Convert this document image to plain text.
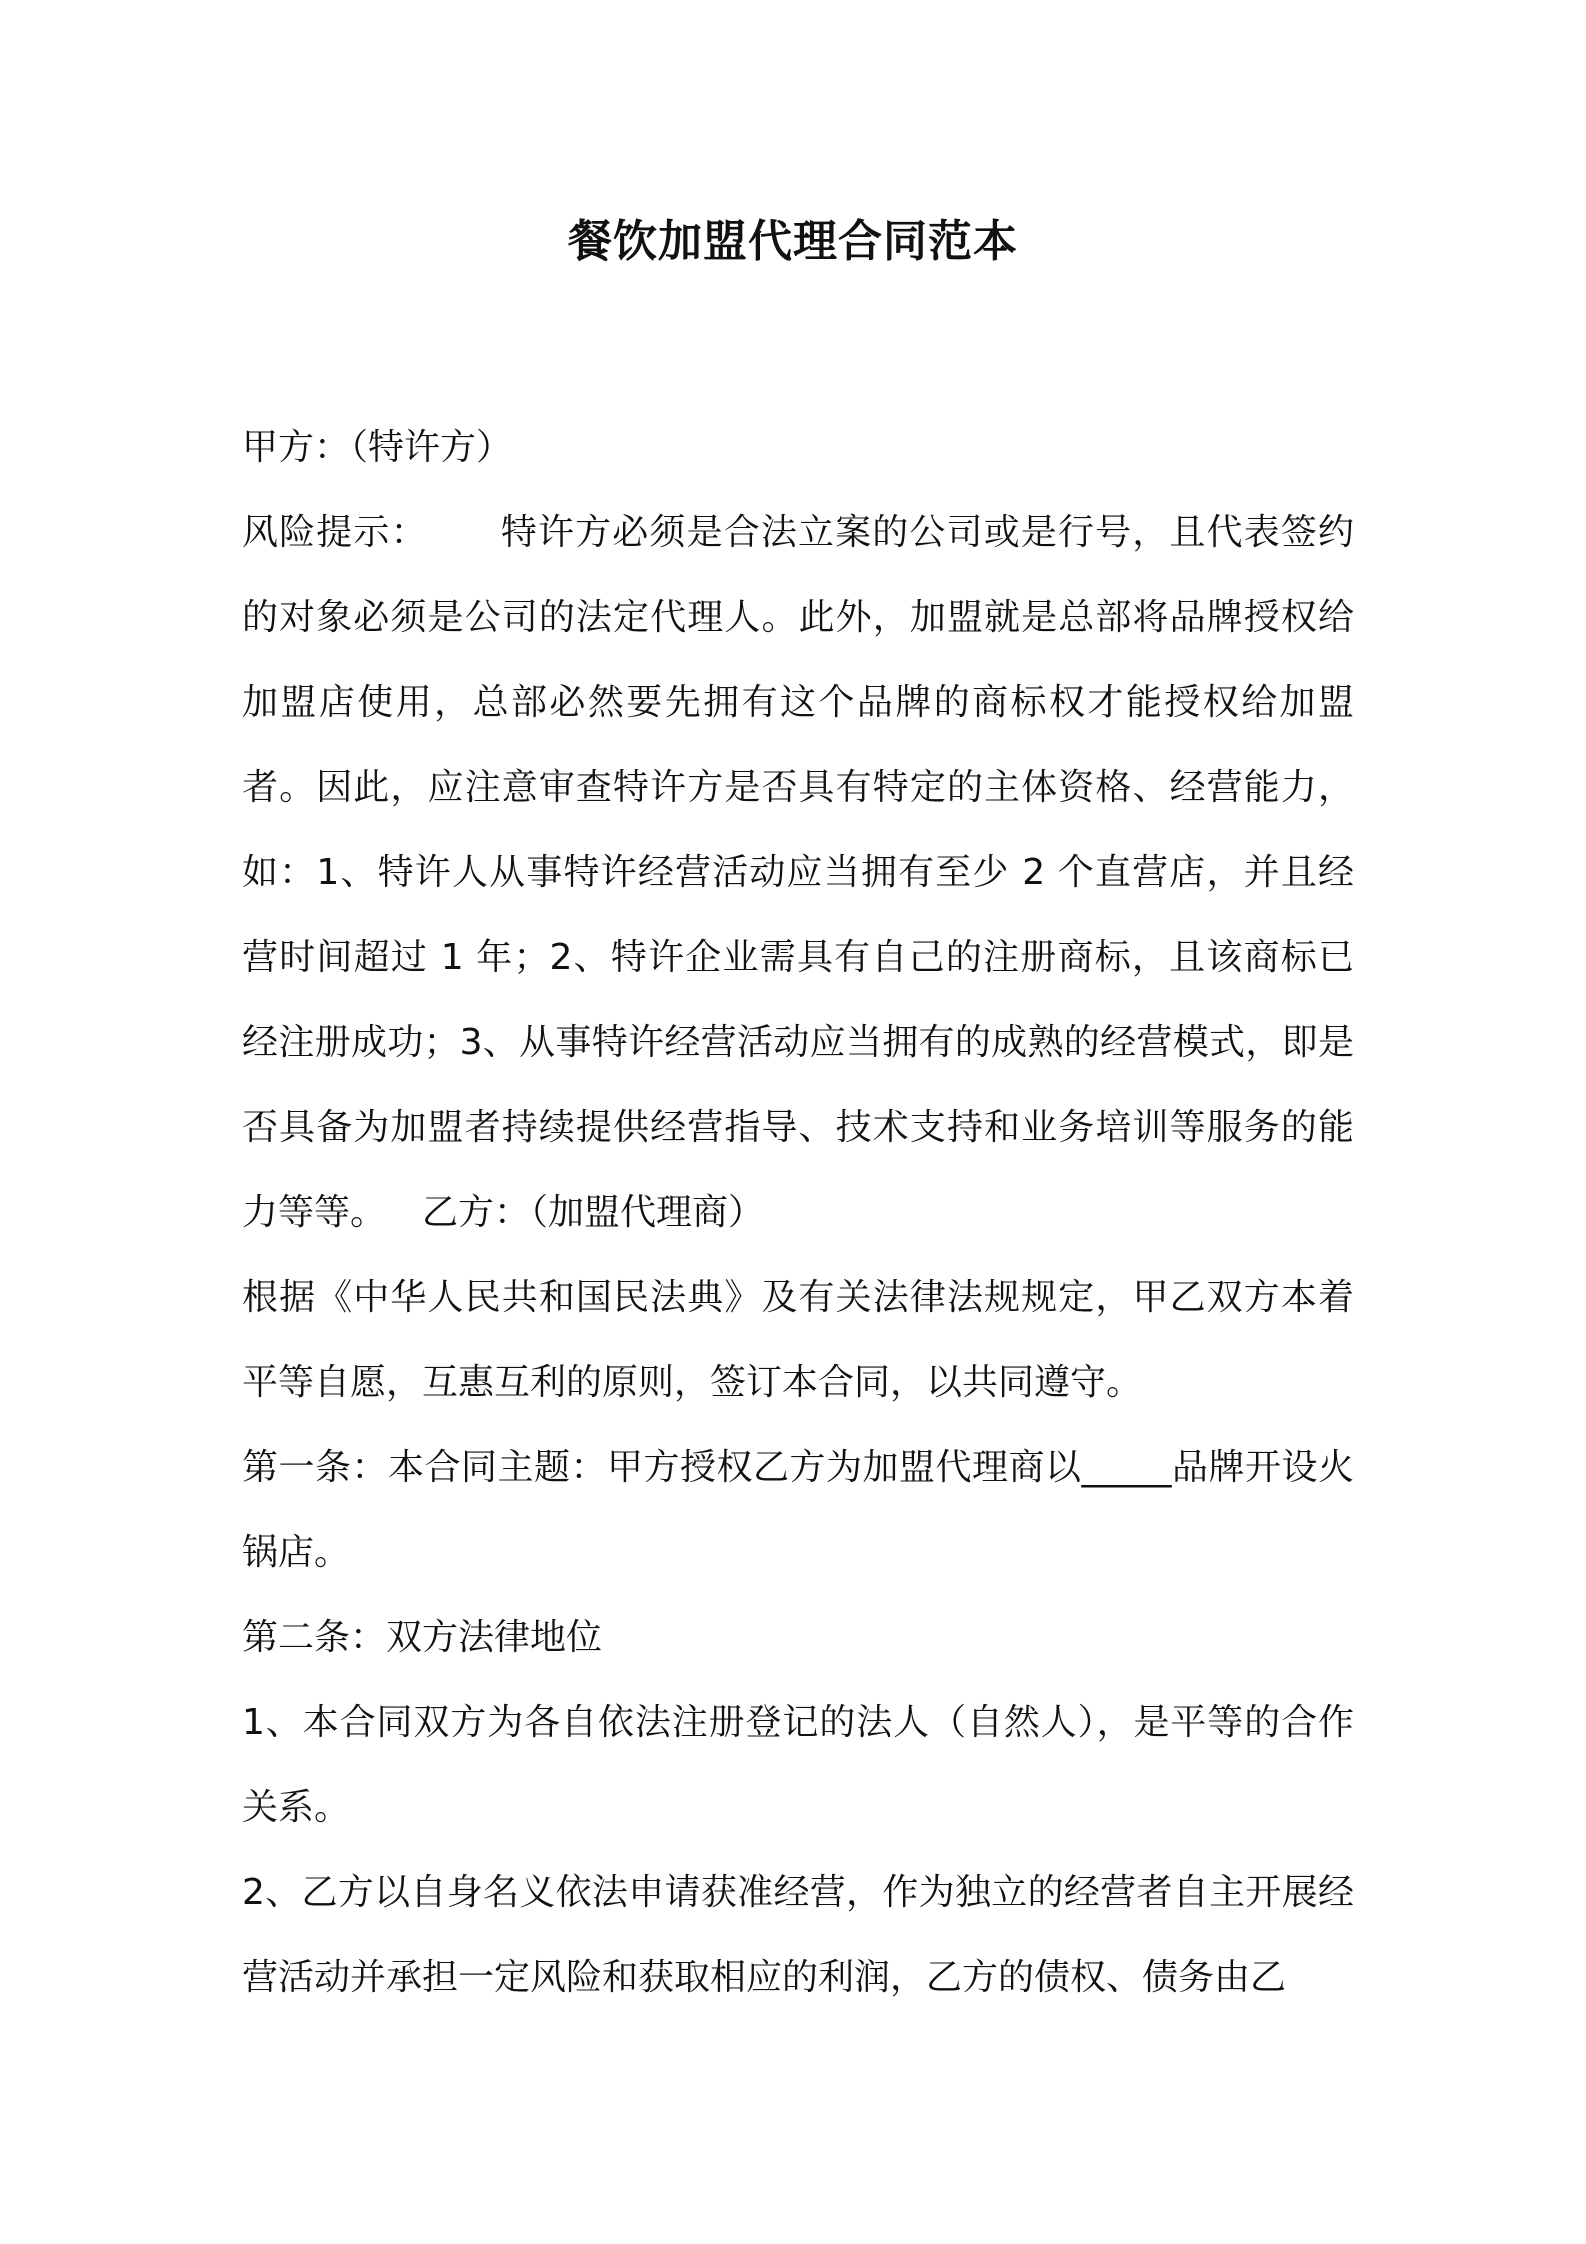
餐饮加盟代理合同范本

甲方：（特许方）

风险提示： 特许方必须是合法立案的公司或是行号，且代表签约的对象必须是公司的法定代理人。此外，加盟就是总部将品牌授权给加盟店使用，总部必然要先拥有这个品牌的商标权才能授权给加盟者。因此，应注意审查特许方是否具有特定的主体资格、经营能力，如：1、特许人从事特许经营活动应当拥有至少 2 个直营店，并且经营时间超过 1 年；2、特许企业需具有自己的注册商标，且该商标已经注册成功；3、从事特许经营活动应当拥有的成熟的经营模式，即是否具备为加盟者持续提供经营指导、技术支持和业务培训等服务的能力等等。 乙方：（加盟代理商）

根据《中华人民共和国民法典》及有关法律法规规定，甲乙双方本着平等自愿，互惠互利的原则，签订本合同，以共同遵守。

第一条：本合同主题：甲方授权乙方为加盟代理商以_____品牌开设火锅店。

第二条：双方法律地位

1、本合同双方为各自依法注册登记的法人（自然人），是平等的合作关系。

2、乙方以自身名义依法申请获准经营，作为独立的经营者自主开展经营活动并承担一定风险和获取相应的利润，乙方的债权、债务由乙
